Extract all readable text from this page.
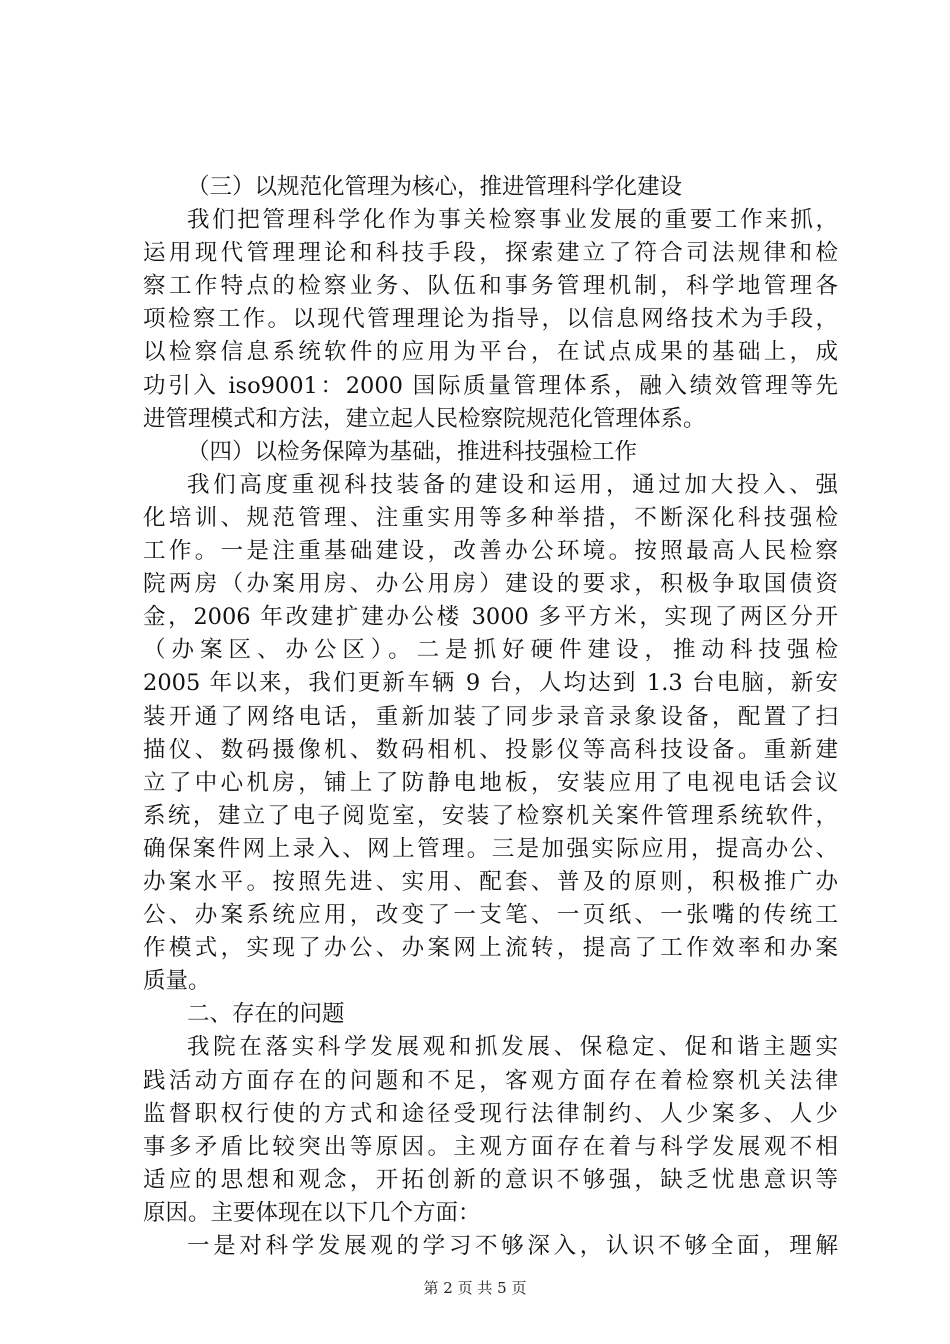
（三）以规范化管理为核心，推进管理科学化建设
我们把管理科学化作为事关检察事业发展的重要工作来抓，
运用现代管理理论和科技手段，探索建立了符合司法规律和检
察工作特点的检察业务、队伍和事务管理机制，科学地管理各
项检察工作。以现代管理理论为指导，以信息网络技术为手段，
以检察信息系统软件的应用为平台，在试点成果的基础上，成
功引入 iso9001：2000 国际质量管理体系，融入绩效管理等先
进管理模式和方法，建立起人民检察院规范化管理体系。
（四）以检务保障为基础，推进科技强检工作
我们高度重视科技装备的建设和运用，通过加大投入、强
化培训、规范管理、注重实用等多种举措，不断深化科技强检
工作。一是注重基础建设，改善办公环境。按照最高人民检察
院两房（办案用房、办公用房）建设的要求，积极争取国债资
金，2006 年改建扩建办公楼 3000 多平方米，实现了两区分开
（办案区、办公区）。二是抓好硬件建设，推动科技强检
2005 年以来，我们更新车辆 9 台，人均达到 1.3 台电脑，新安
装开通了网络电话，重新加装了同步录音录象设备，配置了扫
描仪、数码摄像机、数码相机、投影仪等高科技设备。重新建
立了中心机房，铺上了防静电地板，安装应用了电视电话会议
系统，建立了电子阅览室，安装了检察机关案件管理系统软件，
确保案件网上录入、网上管理。三是加强实际应用，提高办公、
办案水平。按照先进、实用、配套、普及的原则，积极推广办
公、办案系统应用，改变了一支笔、一页纸、一张嘴的传统工
作模式，实现了办公、办案网上流转，提高了工作效率和办案
质量。
二、存在的问题
我院在落实科学发展观和抓发展、保稳定、促和谐主题实
践活动方面存在的问题和不足，客观方面存在着检察机关法律
监督职权行使的方式和途径受现行法律制约、人少案多、人少
事多矛盾比较突出等原因。主观方面存在着与科学发展观不相
适应的思想和观念，开拓创新的意识不够强，缺乏忧患意识等
原因。主要体现在以下几个方面：
一是对科学发展观的学习不够深入，认识不够全面，理解
第 2 页 共 5 页
